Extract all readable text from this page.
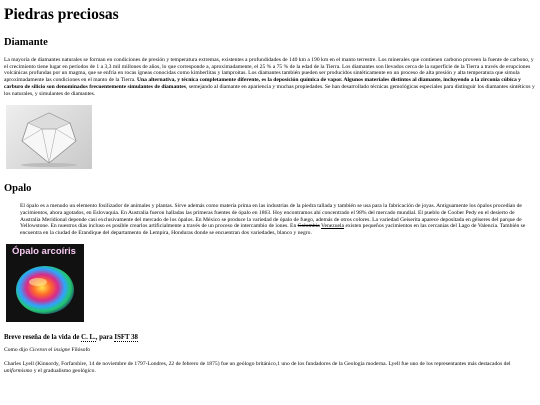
Piedras preciosas
Diamante

La mayoría de diamantes naturales se forman en condiciones de presión y temperatura extremas, existentes a profundidades de 140 km a 190 km en el manto terrestre. Los minerales que contienen carbono proveen la fuente de carbono, y el crecimiento tiene lugar en períodos de 1 a 3,3 mil millones de años, lo que corresponde a, aproximadamente, el 25 % a 75 % de la edad de la Tierra. Los diamantes son llevados cerca de la superficie de la Tierra a través de erupciones volcánicas profundas por un magma, que se enfría en rocas ígneas conocidas como kimberlitas y lamproitas. Los diamantes también pueden ser producidos sintéticamente en un proceso de alta presión y alta temperatura que simula aproximadamente las condiciones en el manto de la Tierra. Una alternativa, y técnica completamente diferente, es la deposición química de vapor. Algunos materiales distintos al diamante, incluyendo a la zirconia cúbica y carburo de silicio son denominados frecuentemente simulantes de diamantes, semejando al diamante en apariencia y muchas propiedades. Se han desarrollado técnicas gemológicas especiales para distinguir los diamantes sintéticos y los naturales, y simulantes de diamantes.

Opalo

El ópalo es a menudo un elemento fosilizador de animales y plantas. Sirve además como materia prima en las industrias de la piedra tallada y también se usa para la fabricación de joyas. Antiguamente los ópalos procedían de yacimientos, ahora agotados, en Eslovaquia. En Australia fueron halladas las primeras fuentes de ópalo en 1863. Hoy encontramos ahí concentrado el 98% del mercado mundial. El pueblo de Coober Pedy en el desierto de Australia Meridional depende casi exclusivamente del mercado de los ópalos. En México se produce la variedad de ópalo de fuego, además de otros colores. La variedad Geiserita aparece depositada en géiseres del parque de Yellowstone. En nuestros días incluso es posible crearlos artificialmente a través de un proceso de intercambio de iones. En Colombia Venezuela existen pequeños yacimientos en las cercanías del Lago de Valencia. También se encuentra en la ciudad de Erandique del departamento de Lempira, Honduras donde se encuentran dos variedades, blanco y negro.

Ópalo arcoíris
Breve reseña de la vida de C. L., para ISFT 38

Como dijo Ciceron el insigne Filósofo

Charles Lyell (Kinnordy, Forfarshire, 14 de noviembre de 1797-Londres, 22 de febrero de 1875) fue un geólogo británico,1 uno de los fundadores de la Geología moderna. Lyell fue uno de los representantes más destacados del uniformismo y el gradualismo geológico.
